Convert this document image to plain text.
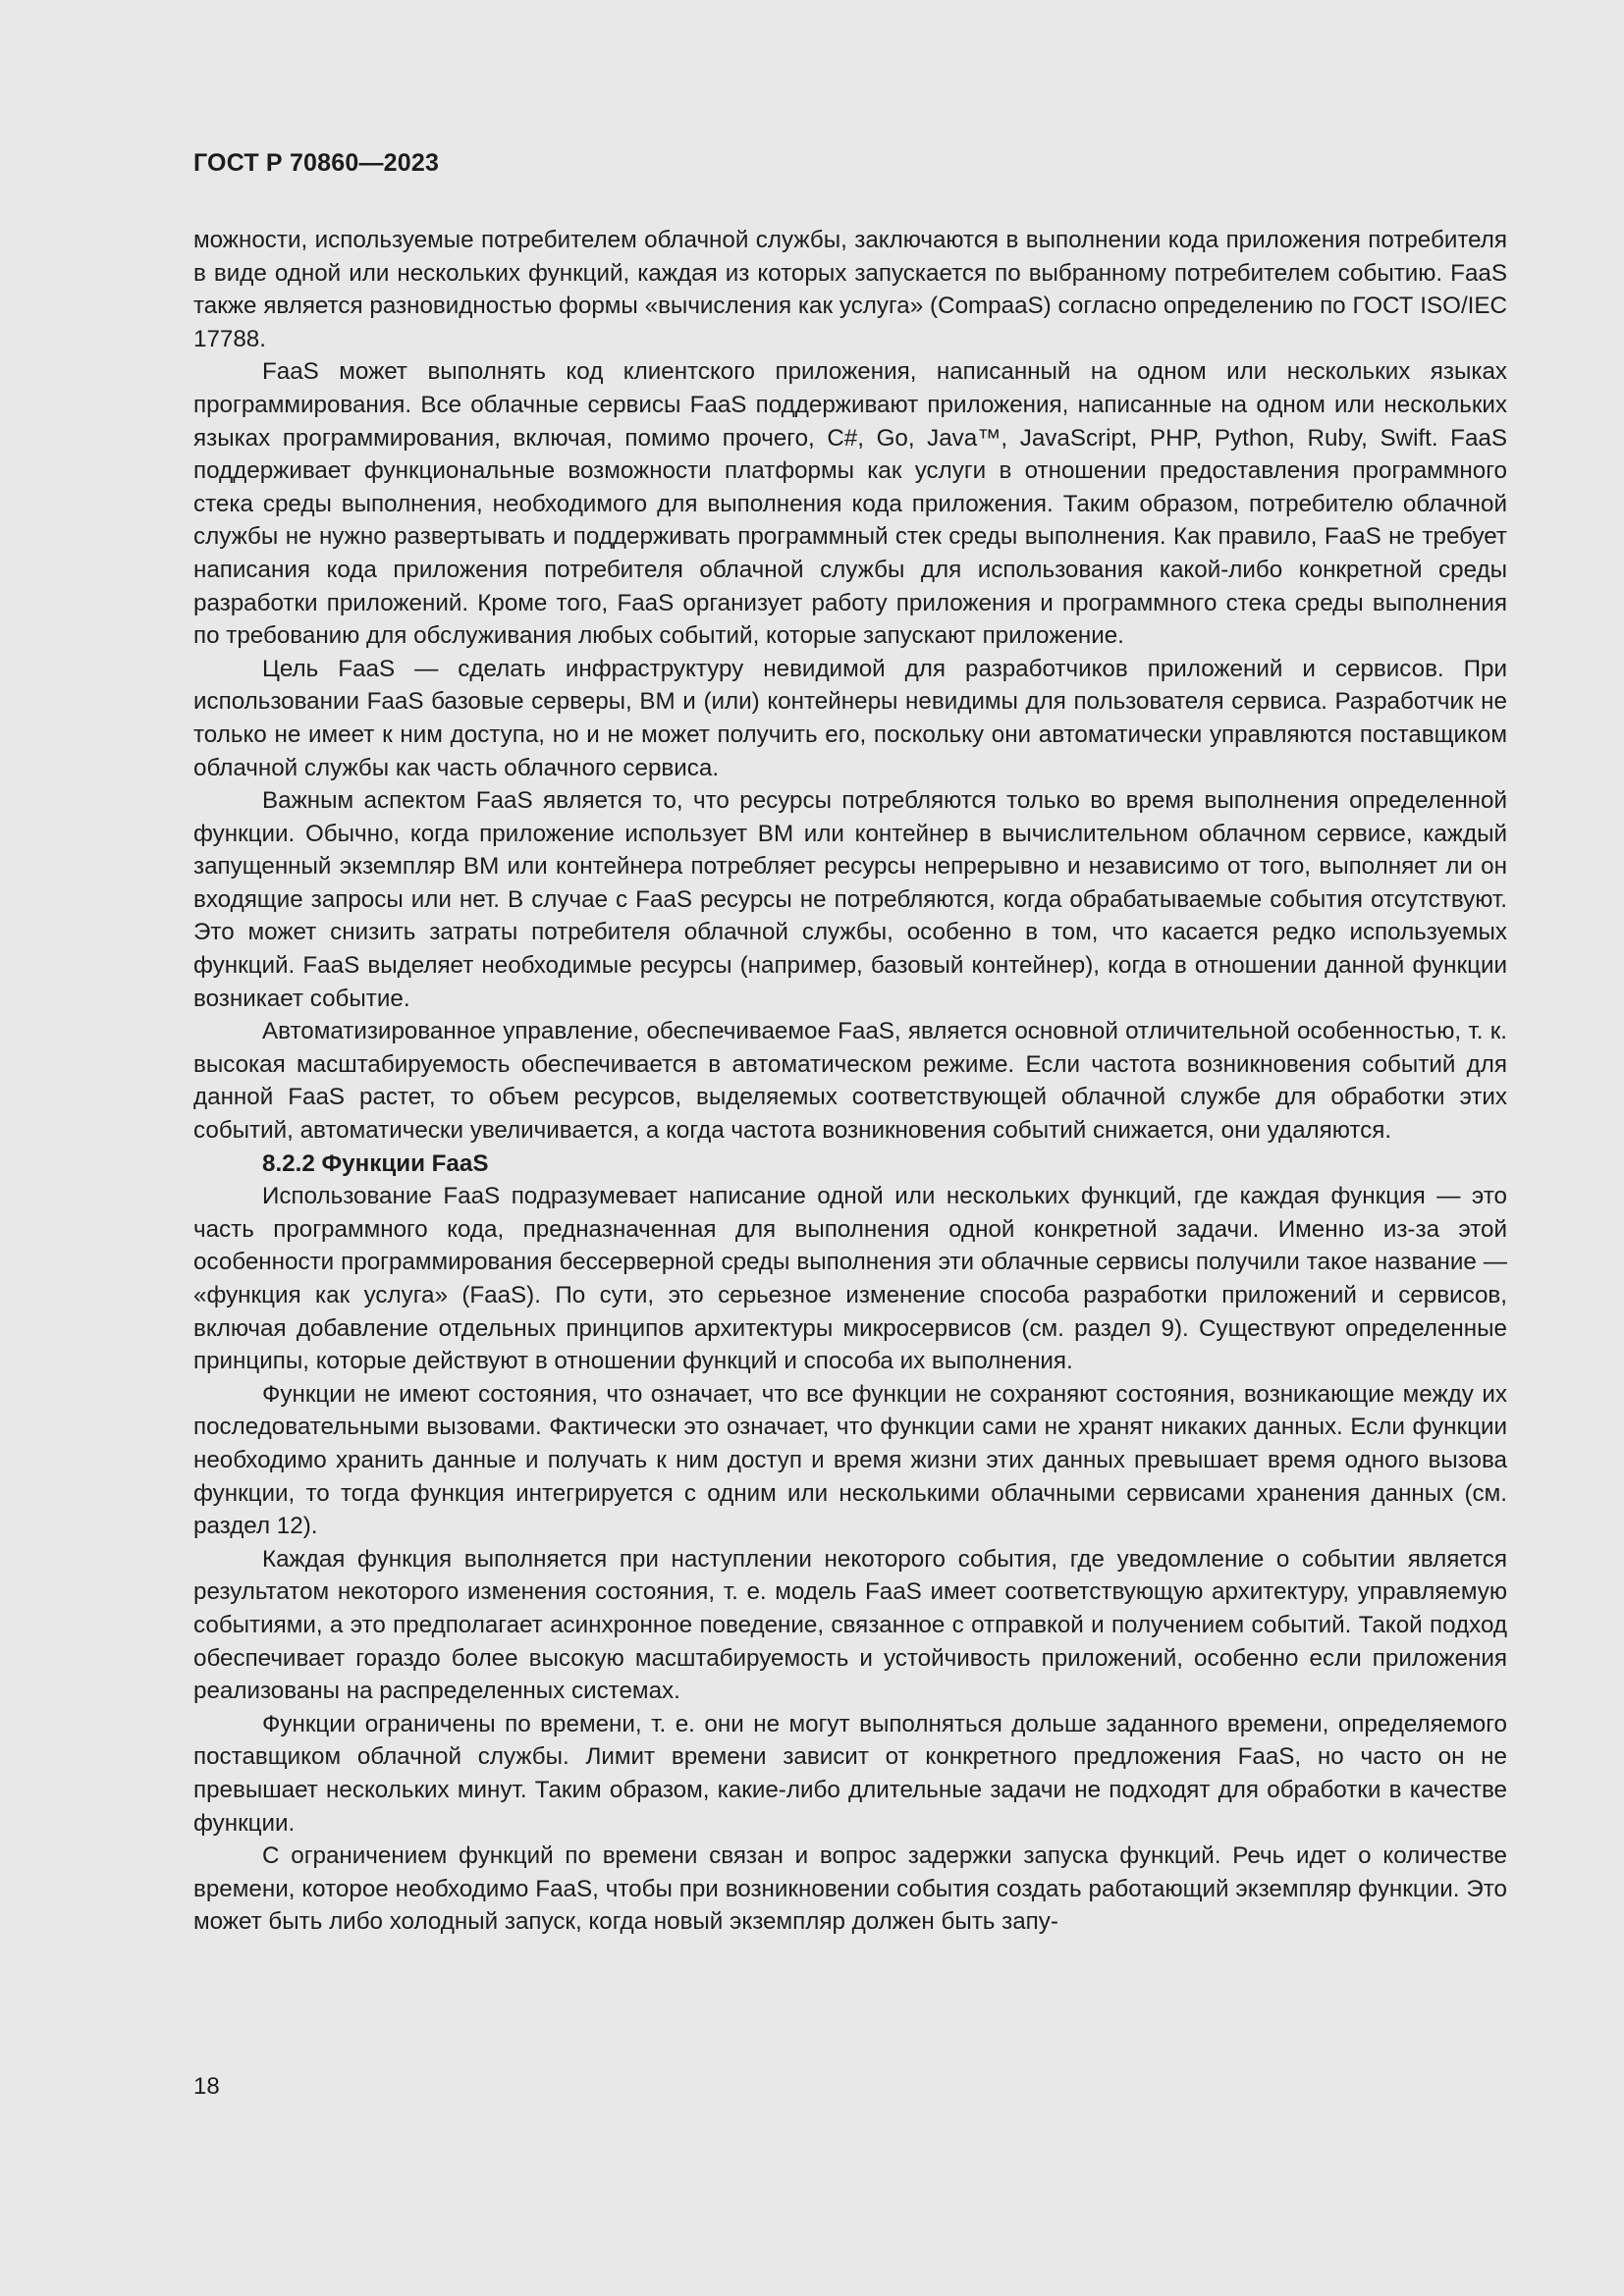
ГОСТ Р 70860—2023

можности, используемые потребителем облачной службы, заключаются в выполнении кода приложения потребителя в виде одной или нескольких функций, каждая из которых запускается по выбранному потребителем событию. FaaS также является разновидностью формы «вычисления как услуга» (CompaaS) согласно определению по ГОСТ ISO/IEC 17788.

FaaS может выполнять код клиентского приложения, написанный на одном или нескольких языках программирования. Все облачные сервисы FaaS поддерживают приложения, написанные на одном или нескольких языках программирования, включая, помимо прочего, C#, Go, Java™, JavaScript, PHP, Python, Ruby, Swift. FaaS поддерживает функциональные возможности платформы как услуги в отношении предоставления программного стека среды выполнения, необходимого для выполнения кода приложения. Таким образом, потребителю облачной службы не нужно развертывать и поддерживать программный стек среды выполнения. Как правило, FaaS не требует написания кода приложения потребителя облачной службы для использования какой-либо конкретной среды разработки приложений. Кроме того, FaaS организует работу приложения и программного стека среды выполнения по требованию для обслуживания любых событий, которые запускают приложение.

Цель FaaS — сделать инфраструктуру невидимой для разработчиков приложений и сервисов. При использовании FaaS базовые серверы, ВМ и (или) контейнеры невидимы для пользователя сервиса. Разработчик не только не имеет к ним доступа, но и не может получить его, поскольку они автоматически управляются поставщиком облачной службы как часть облачного сервиса.

Важным аспектом FaaS является то, что ресурсы потребляются только во время выполнения определенной функции. Обычно, когда приложение использует ВМ или контейнер в вычислительном облачном сервисе, каждый запущенный экземпляр ВМ или контейнера потребляет ресурсы непрерывно и независимо от того, выполняет ли он входящие запросы или нет. В случае с FaaS ресурсы не потребляются, когда обрабатываемые события отсутствуют. Это может снизить затраты потребителя облачной службы, особенно в том, что касается редко используемых функций. FaaS выделяет необходимые ресурсы (например, базовый контейнер), когда в отношении данной функции возникает событие.

Автоматизированное управление, обеспечиваемое FaaS, является основной отличительной особенностью, т. к. высокая масштабируемость обеспечивается в автоматическом режиме. Если частота возникновения событий для данной FaaS растет, то объем ресурсов, выделяемых соответствующей облачной службе для обработки этих событий, автоматически увеличивается, а когда частота возникновения событий снижается, они удаляются.

8.2.2 Функции FaaS

Использование FaaS подразумевает написание одной или нескольких функций, где каждая функция — это часть программного кода, предназначенная для выполнения одной конкретной задачи. Именно из-за этой особенности программирования бессерверной среды выполнения эти облачные сервисы получили такое название — «функция как услуга» (FaaS). По сути, это серьезное изменение способа разработки приложений и сервисов, включая добавление отдельных принципов архитектуры микросервисов (см. раздел 9). Существуют определенные принципы, которые действуют в отношении функций и способа их выполнения.

Функции не имеют состояния, что означает, что все функции не сохраняют состояния, возникающие между их последовательными вызовами. Фактически это означает, что функции сами не хранят никаких данных. Если функции необходимо хранить данные и получать к ним доступ и время жизни этих данных превышает время одного вызова функции, то тогда функция интегрируется с одним или несколькими облачными сервисами хранения данных (см. раздел 12).

Каждая функция выполняется при наступлении некоторого события, где уведомление о событии является результатом некоторого изменения состояния, т. е. модель FaaS имеет соответствующую архитектуру, управляемую событиями, а это предполагает асинхронное поведение, связанное с отправкой и получением событий. Такой подход обеспечивает гораздо более высокую масштабируемость и устойчивость приложений, особенно если приложения реализованы на распределенных системах.

Функции ограничены по времени, т. е. они не могут выполняться дольше заданного времени, определяемого поставщиком облачной службы. Лимит времени зависит от конкретного предложения FaaS, но часто он не превышает нескольких минут. Таким образом, какие-либо длительные задачи не подходят для обработки в качестве функции.

С ограничением функций по времени связан и вопрос задержки запуска функций. Речь идет о количестве времени, которое необходимо FaaS, чтобы при возникновении события создать работающий экземпляр функции. Это может быть либо холодный запуск, когда новый экземпляр должен быть запу-

18
